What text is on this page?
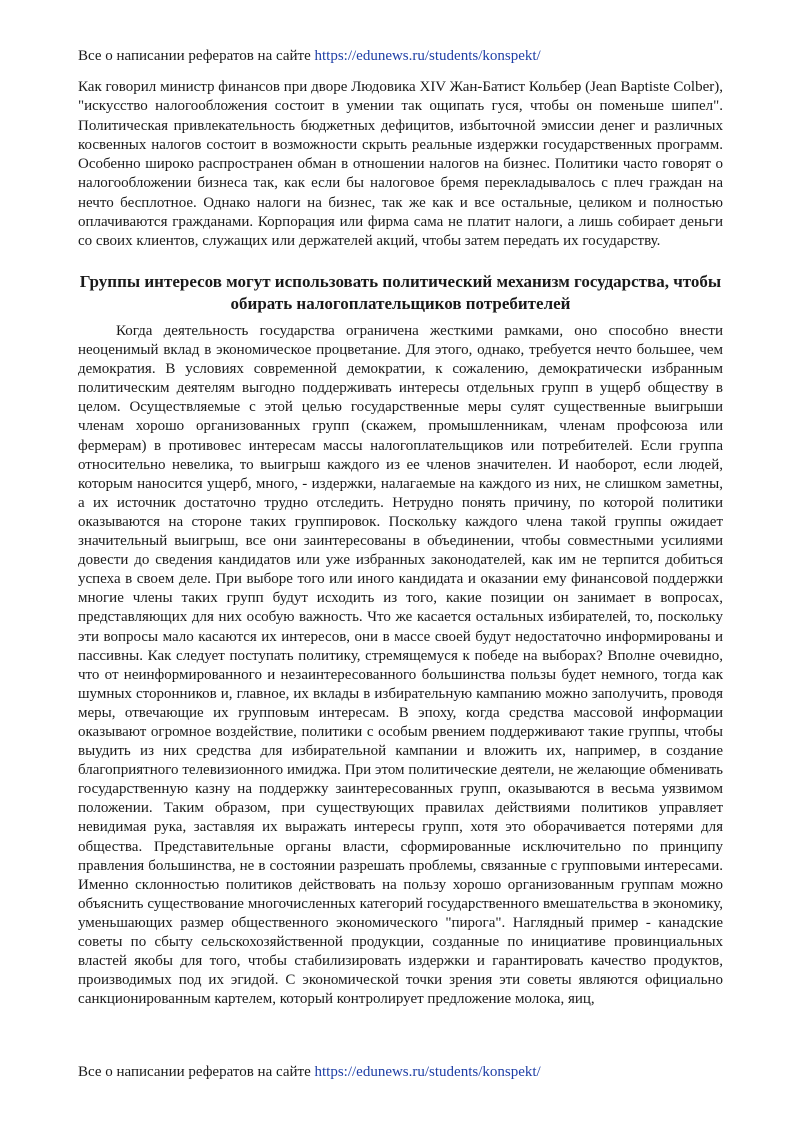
Все о написании рефератов на сайте https://edunews.ru/students/konspekt/

Как говорил министр финансов при дворе Людовика XIV Жан-Батист Кольбер (Jean Baptiste Colber), "искусство налогообложения состоит в умении так ощипать гуся, чтобы он поменьше шипел". Политическая привлекательность бюджетных дефицитов, избыточной эмиссии денег и различных косвенных налогов состоит в возможности скрыть реальные издержки государственных программ. Особенно широко распространен обман в отношении налогов на бизнес. Политики часто говорят о налогообложении бизнеса так, как если бы налоговое бремя перекладывалось с плеч граждан на нечто бесплотное. Однако налоги на бизнес, так же как и все остальные, целиком и полностью оплачиваются гражданами. Корпорация или фирма сама не платит налоги, а лишь собирает деньги со своих клиентов, служащих или держателей акций, чтобы затем передать их государству.

Группы интересов могут использовать политический механизм государства, чтобы обирать налогоплательщиков потребителей

Когда деятельность государства ограничена жесткими рамками, оно способно внести неоценимый вклад в экономическое процветание. Для этого, однако, требуется нечто большее, чем демократия. В условиях современной демократии, к сожалению, демократически избранным политическим деятелям выгодно поддерживать интересы отдельных групп в ущерб обществу в целом. Осуществляемые с этой целью государственные меры сулят существенные выигрыши членам хорошо организованных групп (скажем, промышленникам, членам профсоюза или фермерам) в противовес интересам массы налогоплательщиков или потребителей. Если группа относительно невелика, то выигрыш каждого из ее членов значителен. И наоборот, если людей, которым наносится ущерб, много, - издержки, налагаемые на каждого из них, не слишком заметны, а их источник достаточно трудно отследить. Нетрудно понять причину, по которой политики оказываются на стороне таких группировок. Поскольку каждого члена такой группы ожидает значительный выигрыш, все они заинтересованы в объединении, чтобы совместными усилиями довести до сведения кандидатов или уже избранных законодателей, как им не терпится добиться успеха в своем деле. При выборе того или иного кандидата и оказании ему финансовой поддержки многие члены таких групп будут исходить из того, какие позиции он занимает в вопросах, представляющих для них особую важность. Что же касается остальных избирателей, то, поскольку эти вопросы мало касаются их интересов, они в массе своей будут недостаточно информированы и пассивны. Как следует поступать политику, стремящемуся к победе на выборах? Вполне очевидно, что от неинформированного и незаинтересованного большинства пользы будет немного, тогда как шумных сторонников и, главное, их вклады в избирательную кампанию можно заполучить, проводя меры, отвечающие их групповым интересам. В эпоху, когда средства массовой информации оказывают огромное воздействие, политики с особым рвением поддерживают такие группы, чтобы выудить из них средства для избирательной кампании и вложить их, например, в создание благоприятного телевизионного имиджа. При этом политические деятели, не желающие обменивать государственную казну на поддержку заинтересованных групп, оказываются в весьма уязвимом положении. Таким образом, при существующих правилах действиями политиков управляет невидимая рука, заставляя их выражать интересы групп, хотя это оборачивается потерями для общества. Представительные органы власти, сформированные исключительно по принципу правления большинства, не в состоянии разрешать проблемы, связанные с групповыми интересами. Именно склонностью политиков действовать на пользу хорошо организованным группам можно объяснить существование многочисленных категорий государственного вмешательства в экономику, уменьшающих размер общественного экономического "пирога". Наглядный пример - канадские советы по сбыту сельскохозяйственной продукции, созданные по инициативе провинциальных властей якобы для того, чтобы стабилизировать издержки и гарантировать качество продуктов, производимых под их эгидой. С экономической точки зрения эти советы являются официально санкционированным картелем, который контролирует предложение молока, яиц,

Все о написании рефератов на сайте https://edunews.ru/students/konspekt/
